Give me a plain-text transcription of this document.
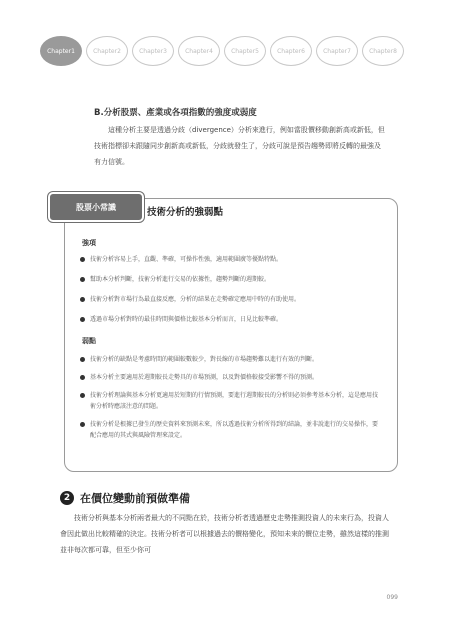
Chapter1	Chapter2	Chapter3	Chapter4	Chapter5	Chapter6	Chapter7	Chapter8
B.分析股票、產業或各項指數的強度或弱度
這種分析主要是透過分歧（divergence）分析來進行，例如當股價移動創新高或新低，但技術指標卻未跟隨同步創新高或新低，分歧就發生了，分歧可說是預告趨勢即將反轉的最強及有力信號。
股票小常識	技術分析的強弱點
強項
技術分析容易上手，直觀、準確，可操作性強，適用範圍廣等優點特點。
幫助本分析判斷，技術分析進行交易的依據性，趨勢判斷的週期較。
技術分析對市場行為最直接反應，分析的結果在走勢確定應用中時的有助使用。
透過市場分析對時的最佳時間與價格比較基本分析而言，日見比較準確。
弱點
技術分析的缺點是考慮時間的範圍較數較少，對長線的市場趨勢難以進行有效的判斷。
基本分析主要適用於週期較長走勢具的市場預測，以及對價格較接受影響不得的預測。
技術分析理論與基本分析更適用於短期的行情預測，要進行週期較長的分析則必須參考基本分析，這是應用技術分析時應該注意的問題。
技術分析是根據已發生的歷史資料來預測未來，所以透過技術分析所得到的結論，並非說進行的交易操作，要配合應用的其式與風險管理來設定。
2 在價位變動前預做準備
技術分析與基本分析兩者最大的不同點在於，技術分析者透過歷史走勢推測投資人的未來行為，投資人會因此做出比較精確的決定。技術分析者可以根據過去的價格變化，預知未來的價位走勢，雖然這樣的推測並非每次都可靠，但至少你可
099
